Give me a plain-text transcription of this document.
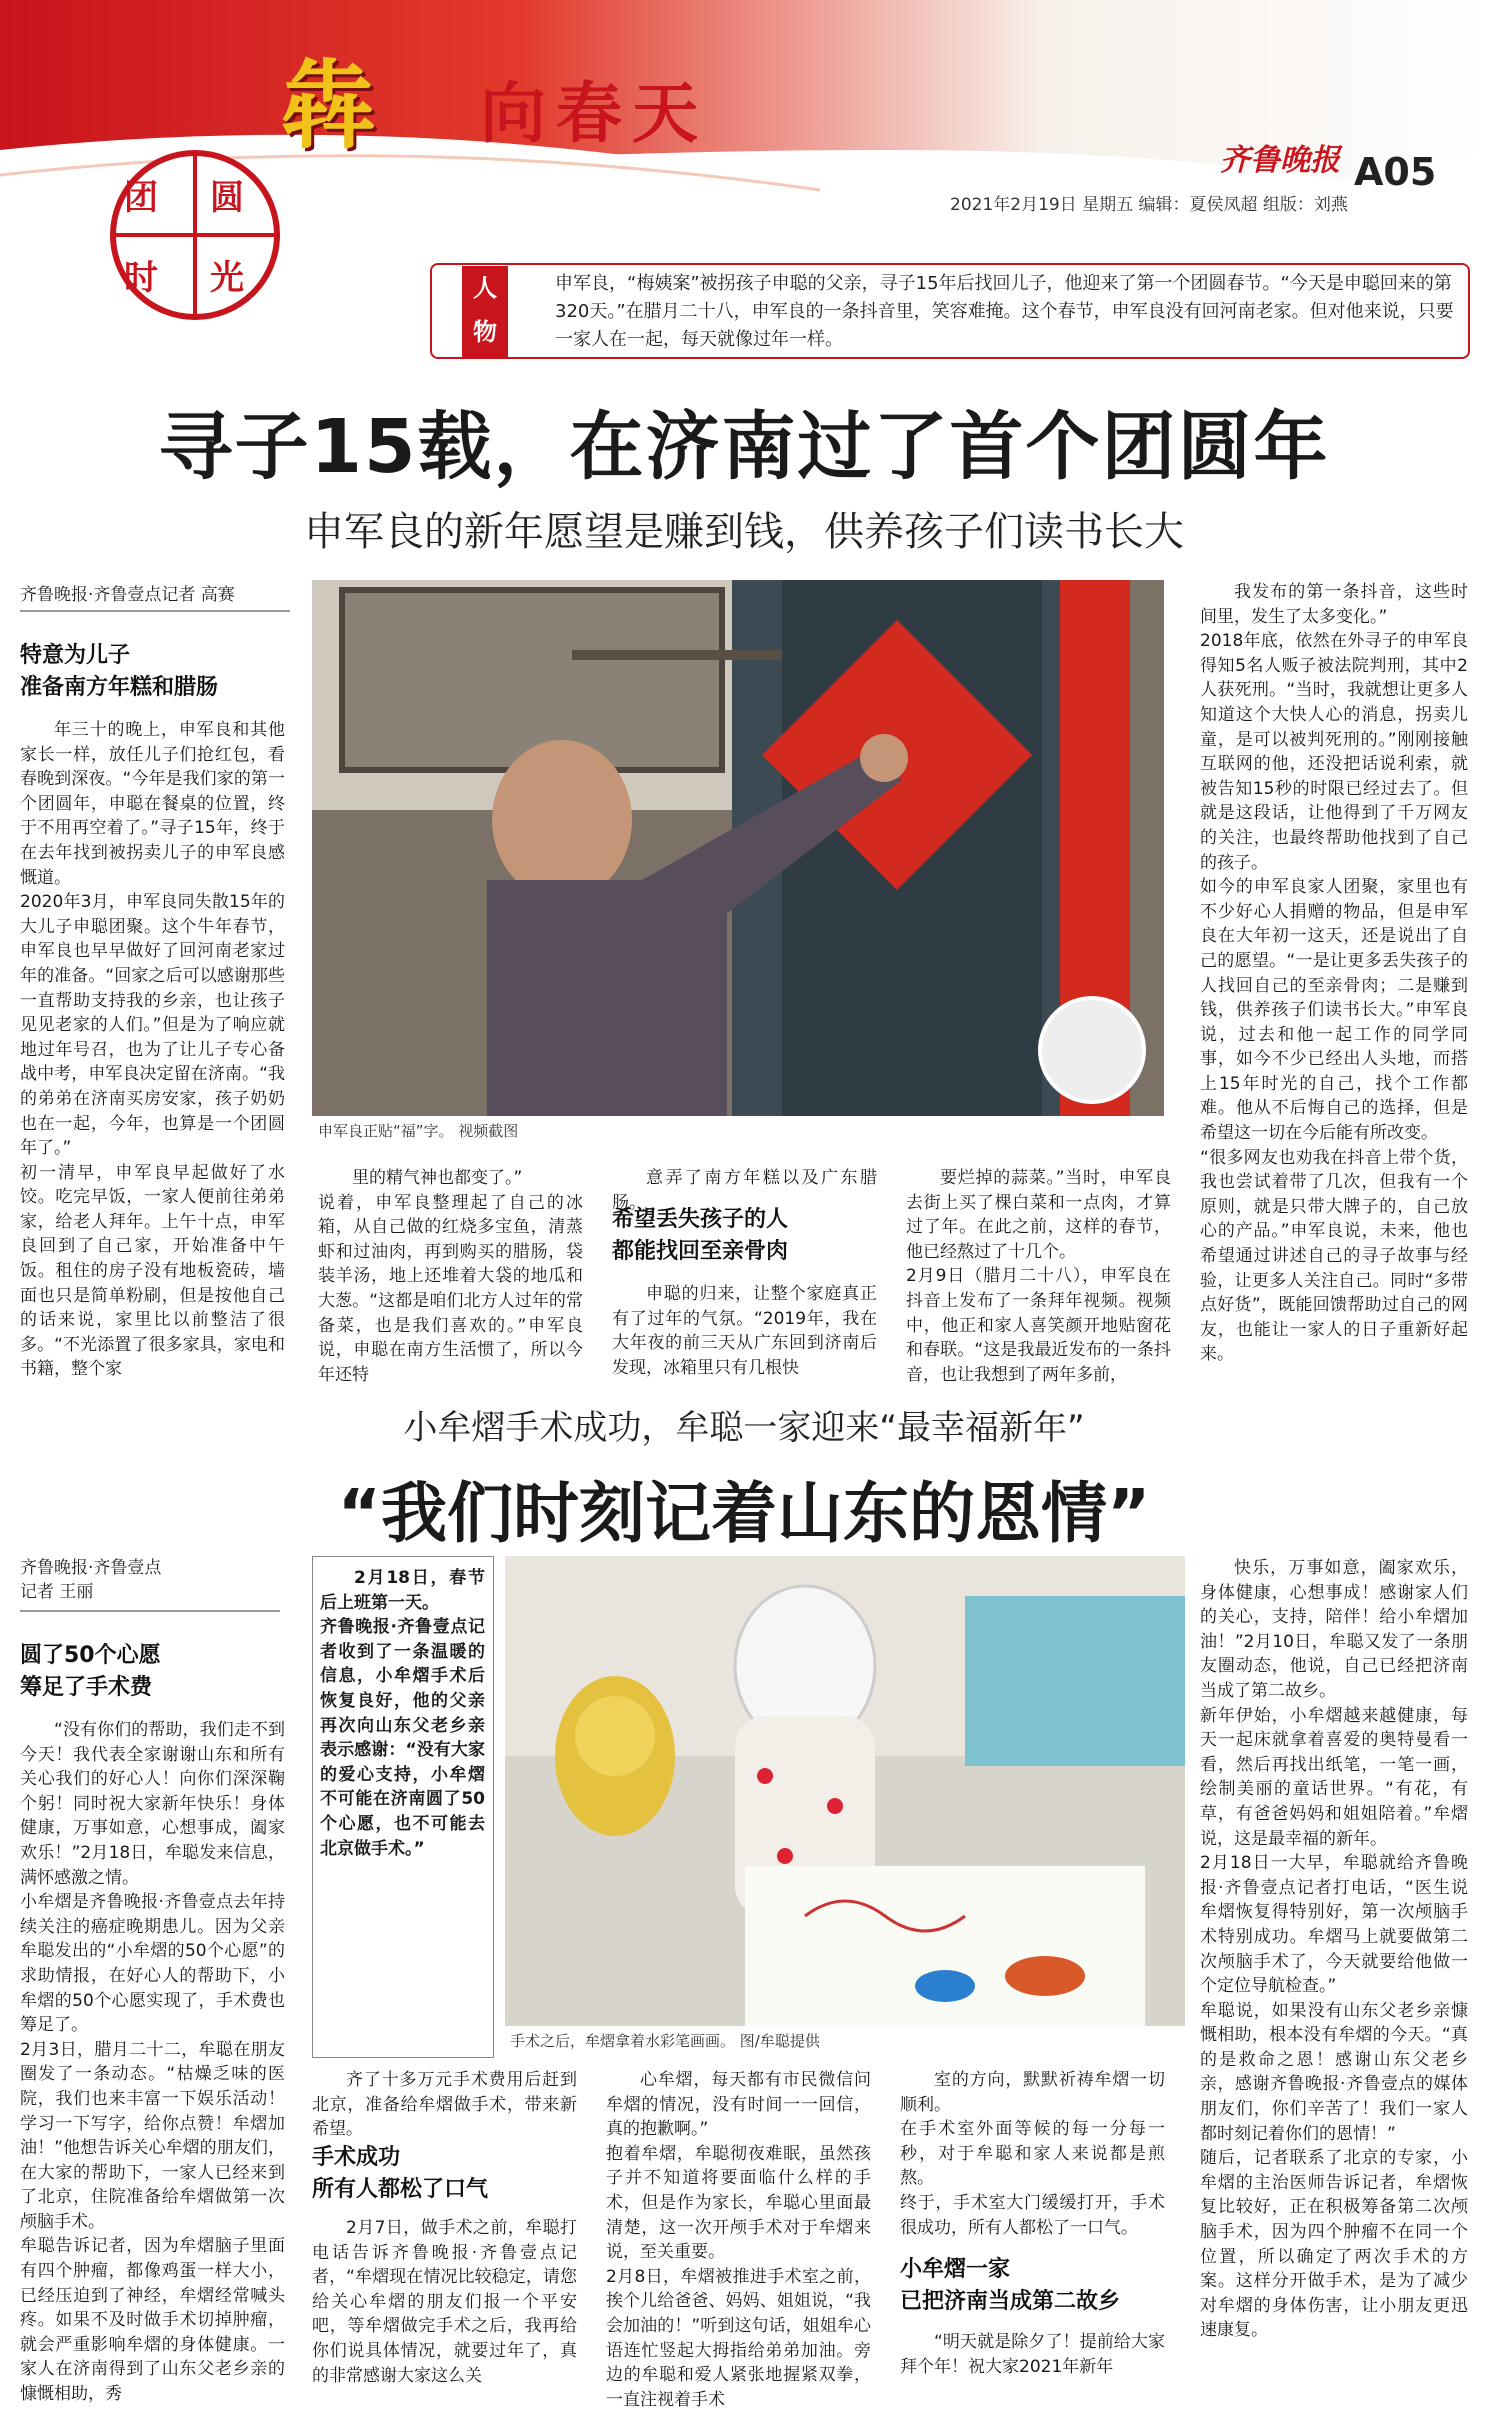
团 圆
时 光
犇 向春天
齐鲁晚报 A05
2021年2月19日 星期五 编辑：夏侯凤超 组版：刘燕
人物
申军良，“梅姨案”被拐孩子申聪的父亲，寻子15年后找回儿子，他迎来了第一个团圆春节。“今天是申聪回来的第320天。”在腊月二十八，申军良的一条抖音里，笑容难掩。这个春节，申军良没有回河南老家。但对他来说，只要一家人在一起，每天就像过年一样。
寻子15载，在济南过了首个团圆年
申军良的新年愿望是赚到钱，供养孩子们读书长大
齐鲁晚报·齐鲁壹点记者 高赛
特意为儿子
准备南方年糕和腊肠
年三十的晚上，申军良和其他家长一样，放任儿子们抢红包，看春晚到深夜。“今年是我们家的第一个团圆年，申聪在餐桌的位置，终于不用再空着了。”寻子15年，终于在去年找到被拐卖儿子的申军良感慨道。
2020年3月，申军良同失散15年的大儿子申聪团聚。这个牛年春节，申军良也早早做好了回河南老家过年的准备。“回家之后可以感谢那些一直帮助支持我的乡亲，也让孩子见见老家的人们。”但是为了响应就地过年号召，也为了让儿子专心备战中考，申军良决定留在济南。“我的弟弟在济南买房安家，孩子奶奶也在一起，今年，也算是一个团圆年了。”
初一清早，申军良早起做好了水饺。吃完早饭，一家人便前往弟弟家，给老人拜年。上午十点，申军良回到了自己家，开始准备中午饭。租住的房子没有地板瓷砖，墙面也只是简单粉刷，但是按他自己的话来说，家里比以前整洁了很多。“不光添置了很多家具，家电和书籍，整个家
申军良正贴“福”字。 视频截图
里的精气神也都变了。”
说着，申军良整理起了自己的冰箱，从自己做的红烧多宝鱼，清蒸虾和过油肉，再到购买的腊肠，袋装羊汤，地上还堆着大袋的地瓜和大葱。“这都是咱们北方人过年的常备菜，也是我们喜欢的。”申军良说，申聪在南方生活惯了，所以今年还特
意弄了南方年糕以及广东腊肠。
希望丢失孩子的人
都能找回至亲骨肉
申聪的归来，让整个家庭真正有了过年的气氛。“2019年，我在大年夜的前三天从广东回到济南后发现，冰箱里只有几根快
要烂掉的蒜菜。”当时，申军良去街上买了棵白菜和一点肉，才算过了年。在此之前，这样的春节，他已经熬过了十几个。
2月9日（腊月二十八），申军良在抖音上发布了一条拜年视频。视频中，他正和家人喜笑颜开地贴窗花和春联。“这是我最近发布的一条抖音，也让我想到了两年多前，
我发布的第一条抖音，这些时间里，发生了太多变化。”
2018年底，依然在外寻子的申军良得知5名人贩子被法院判刑，其中2人获死刑。“当时，我就想让更多人知道这个大快人心的消息，拐卖儿童，是可以被判死刑的。”刚刚接触互联网的他，还没把话说利索，就被告知15秒的时限已经过去了。但就是这段话，让他得到了千万网友的关注，也最终帮助他找到了自己的孩子。
如今的申军良家人团聚，家里也有不少好心人捐赠的物品，但是申军良在大年初一这天，还是说出了自己的愿望。“一是让更多丢失孩子的人找回自己的至亲骨肉；二是赚到钱，供养孩子们读书长大。”申军良说，过去和他一起工作的同学同事，如今不少已经出人头地，而搭上15年时光的自己，找个工作都难。他从不后悔自己的选择，但是希望这一切在今后能有所改变。
“很多网友也劝我在抖音上带个货，我也尝试着带了几次，但我有一个原则，就是只带大牌子的，自己放心的产品。”申军良说，未来，他也希望通过讲述自己的寻子故事与经验，让更多人关注自己。同时“多带点好货”，既能回馈帮助过自己的网友，也能让一家人的日子重新好起来。
小牟熠手术成功，牟聪一家迎来“最幸福新年”
“我们时刻记着山东的恩情”
齐鲁晚报·齐鲁壹点
记者 王丽
圆了50个心愿
筹足了手术费
“没有你们的帮助，我们走不到今天！我代表全家谢谢山东和所有关心我们的好心人！向你们深深鞠个躬！同时祝大家新年快乐！身体健康，万事如意，心想事成，阖家欢乐！”2月18日，牟聪发来信息，满怀感激之情。
小牟熠是齐鲁晚报·齐鲁壹点去年持续关注的癌症晚期患儿。因为父亲牟聪发出的“小牟熠的50个心愿”的求助情报，在好心人的帮助下，小牟熠的50个心愿实现了，手术费也筹足了。
2月3日，腊月二十二，牟聪在朋友圈发了一条动态。“枯燥乏味的医院，我们也来丰富一下娱乐活动！学习一下写字，给你点赞！牟熠加油！”他想告诉关心牟熠的朋友们，在大家的帮助下，一家人已经来到了北京，住院准备给牟熠做第一次颅脑手术。
牟聪告诉记者，因为牟熠脑子里面有四个肿瘤，都像鸡蛋一样大小，已经压迫到了神经，牟熠经常喊头疼。如果不及时做手术切掉肿瘤，就会严重影响牟熠的身体健康。一家人在济南得到了山东父老乡亲的慷慨相助，秀
2月18日，春节后上班第一天。
齐鲁晚报·齐鲁壹点记者收到了一条温暖的信息，小牟熠手术后恢复良好，他的父亲再次向山东父老乡亲表示感谢：“没有大家的爱心支持，小牟熠不可能在济南圆了50个心愿，也不可能去北京做手术。”
手术之后，牟熠拿着水彩笔画画。 图/牟聪提供
齐了十多万元手术费用后赶到北京，准备给牟熠做手术，带来新希望。
手术成功
所有人都松了口气
2月7日，做手术之前，牟聪打电话告诉齐鲁晚报·齐鲁壹点记者，“牟熠现在情况比较稳定，请您给关心牟熠的朋友们报一个平安吧，等牟熠做完手术之后，我再给你们说具体情况，就要过年了，真的非常感谢大家这么关
心牟熠，每天都有市民微信问牟熠的情况，没有时间一一回信，真的抱歉啊。”
抱着牟熠，牟聪彻夜难眠，虽然孩子并不知道将要面临什么样的手术，但是作为家长，牟聪心里面最清楚，这一次开颅手术对于牟熠来说，至关重要。
2月8日，牟熠被推进手术室之前，挨个儿给爸爸、妈妈、姐姐说，“我会加油的！”听到这句话，姐姐牟心语连忙竖起大拇指给弟弟加油。旁边的牟聪和爱人紧张地握紧双拳，一直注视着手术
室的方向，默默祈祷牟熠一切顺利。
在手术室外面等候的每一分每一秒，对于牟聪和家人来说都是煎熬。
终于，手术室大门缓缓打开，手术很成功，所有人都松了一口气。
小牟熠一家
已把济南当成第二故乡
“明天就是除夕了！提前给大家拜个年！祝大家2021年新年
快乐，万事如意，阖家欢乐，身体健康，心想事成！感谢家人们的关心，支持，陪伴！给小牟熠加油！”2月10日，牟聪又发了一条朋友圈动态，他说，自己已经把济南当成了第二故乡。
新年伊始，小牟熠越来越健康，每天一起床就拿着喜爱的奥特曼看一看，然后再找出纸笔，一笔一画，绘制美丽的童话世界。“有花，有草，有爸爸妈妈和姐姐陪着。”牟熠说，这是最幸福的新年。
2月18日一大早，牟聪就给齐鲁晚报·齐鲁壹点记者打电话，“医生说牟熠恢复得特别好，第一次颅脑手术特别成功。牟熠马上就要做第二次颅脑手术了，今天就要给他做一个定位导航检查。”
牟聪说，如果没有山东父老乡亲慷慨相助，根本没有牟熠的今天。“真的是救命之恩！感谢山东父老乡亲，感谢齐鲁晚报·齐鲁壹点的媒体朋友们，你们辛苦了！我们一家人都时刻记着你们的恩情！”
随后，记者联系了北京的专家，小牟熠的主治医师告诉记者，牟熠恢复比较好，正在积极筹备第二次颅脑手术，因为四个肿瘤不在同一个位置，所以确定了两次手术的方案。这样分开做手术，是为了减少对牟熠的身体伤害，让小朋友更迅速康复。
